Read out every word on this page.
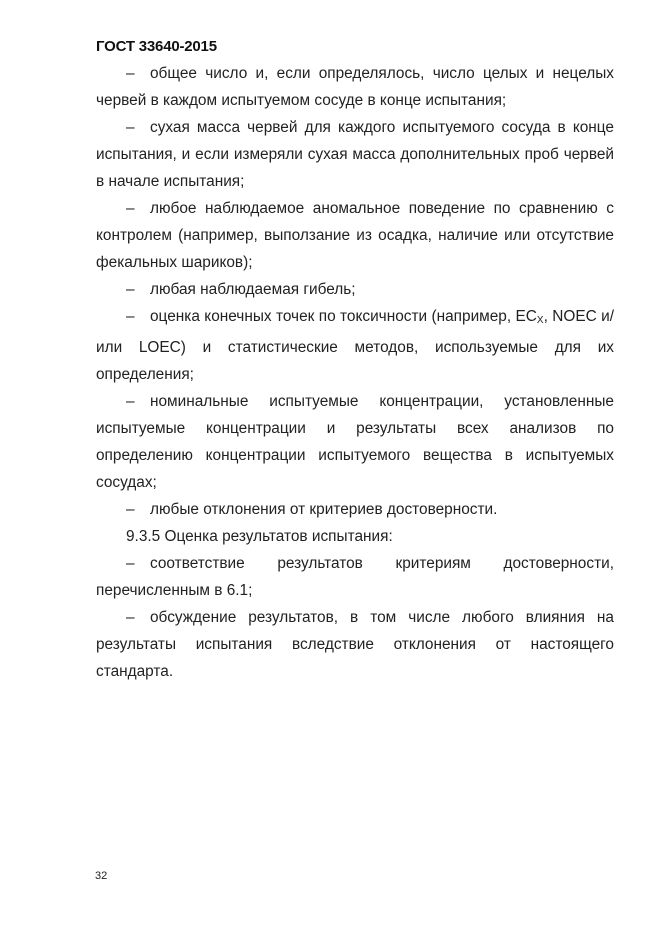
ГОСТ 33640-2015

– общее число и, если определялось, число целых и нецелых червей в каждом испытуемом сосуде в конце испытания;

– сухая масса червей для каждого испытуемого сосуда в конце испытания, и если измеряли сухая масса дополнительных проб червей в начале испытания;

– любое наблюдаемое аномальное поведение по сравнению с контролем (например, выползание из осадка, наличие или отсутствие фекальных шариков);

– любая наблюдаемая гибель;

– оценка конечных точек по токсичности (например, $EC_X$, NOEC и/или LOEC) и статистические методов, используемые для их определения;

– номинальные испытуемые концентрации, установленные испытуемые концентрации и результаты всех анализов по определению концентрации испытуемого вещества в испытуемых сосудах;

– любые отклонения от критериев достоверности.

9.3.5 Оценка результатов испытания:

– соответствие результатов критериям достоверности, перечисленным в 6.1;

– обсуждение результатов, в том числе любого влияния на результаты испытания вследствие отклонения от настоящего стандарта.

32
